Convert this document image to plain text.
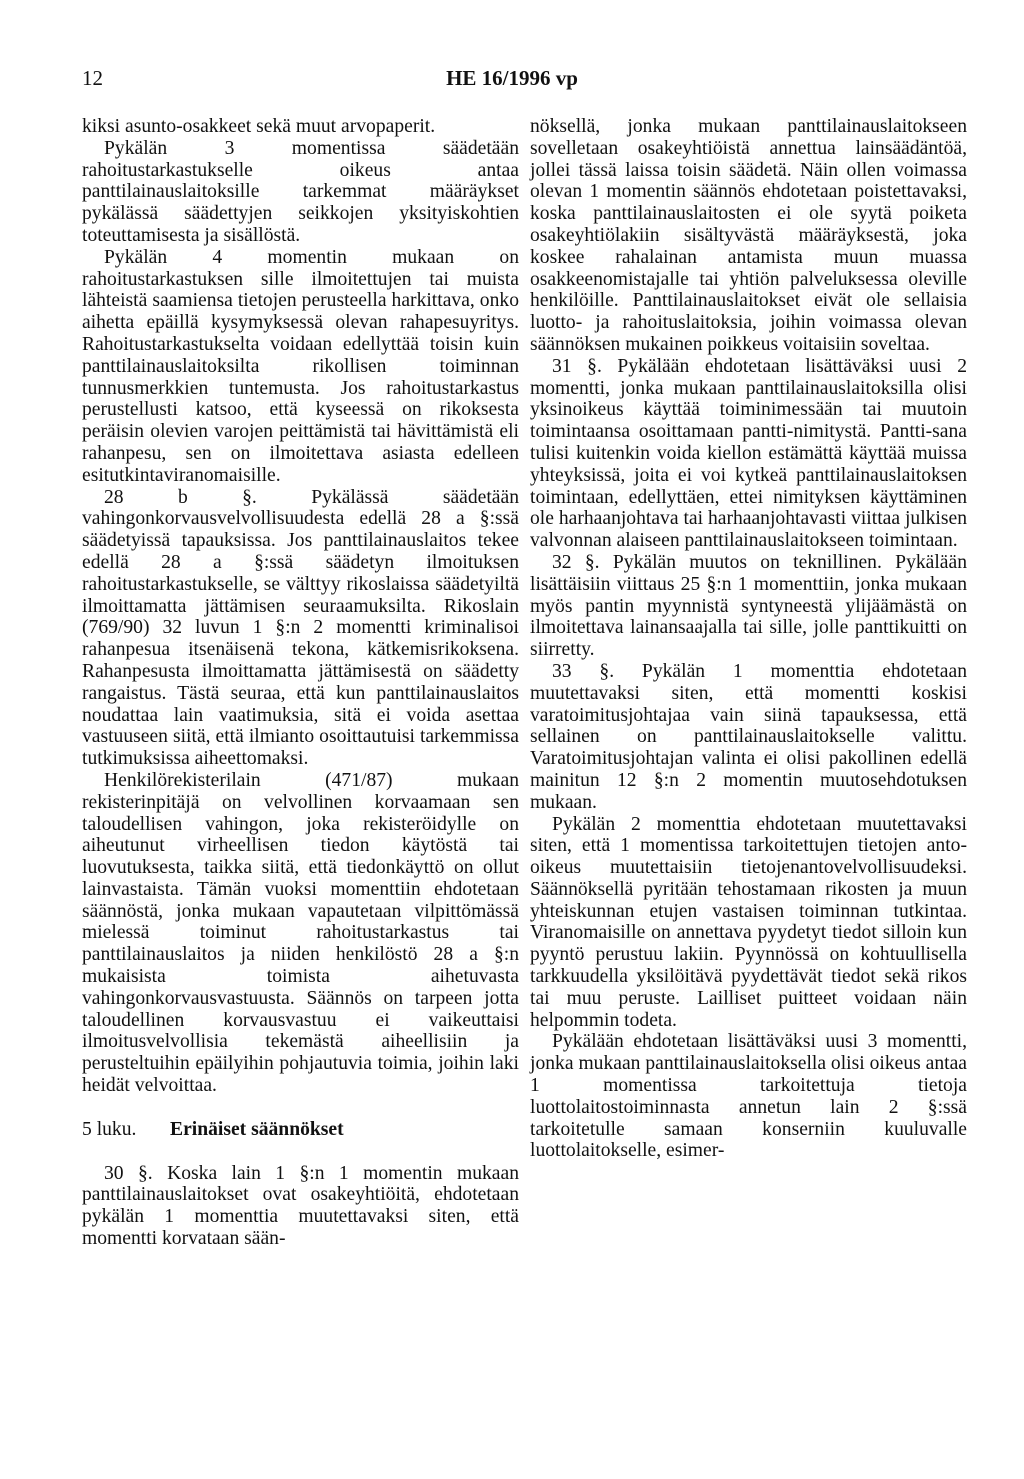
12	HE 16/1996 vp

kiksi asunto-osakkeet sekä muut arvopaperit.

Pykälän 3 momentissa säädetään rahoitustarkastukselle oikeus antaa panttilainauslaitoksille tarkemmat määräykset pykälässä säädettyjen seikkojen yksityiskohtien toteuttamisesta ja sisällöstä.

Pykälän 4 momentin mukaan on rahoitustarkastuksen sille ilmoitettujen tai muista lähteistä saamiensa tietojen perusteella harkittava, onko aihetta epäillä kysymyksessä olevan rahapesuyritys. Rahoitustarkastukselta voidaan edellyttää toisin kuin panttilainauslaitoksilta rikollisen toiminnan tunnusmerkkien tuntemusta. Jos rahoitustarkastus perustellusti katsoo, että kyseessä on rikoksesta peräisin olevien varojen peittämistä tai hävittämistä eli rahanpesu, sen on ilmoitettava asiasta edelleen esitutkintaviranomaisille.

28 b §. Pykälässä säädetään vahingonkorvausvelvollisuudesta edellä 28 a §:ssä säädetyissä tapauksissa. Jos panttilainauslaitos tekee edellä 28 a §:ssä säädetyn ilmoituksen rahoitustarkastukselle, se välttyy rikoslaissa säädetyiltä ilmoittamatta jättämisen seuraamuksilta. Rikoslain (769/90) 32 luvun 1 §:n 2 momentti kriminalisoi rahanpesua itsenäisenä tekona, kätkemisrikoksena. Rahanpesusta ilmoittamatta jättämisestä on säädetty rangaistus. Tästä seuraa, että kun panttilainauslaitos noudattaa lain vaatimuksia, sitä ei voida asettaa vastuuseen siitä, että ilmianto osoittautuisi tarkemmissa tutkimuksissa aiheettomaksi.

Henkilörekisterilain (471/87) mukaan rekisterinpitäjä on velvollinen korvaamaan sen taloudellisen vahingon, joka rekisteröidylle on aiheutunut virheellisen tiedon käytöstä tai luovutuksesta, taikka siitä, että tiedonkäyttö on ollut lainvastaista. Tämän vuoksi momenttiin ehdotetaan säännöstä, jonka mukaan vapautetaan vilpittömässä mielessä toiminut rahoitustarkastus tai panttilainauslaitos ja niiden henkilöstö 28 a §:n mukaisista toimista aihetuvasta vahingonkorvausvastuusta. Säännös on tarpeen jotta taloudellinen korvausvastuu ei vaikeuttaisi ilmoitusvelvollisia tekemästä aiheellisiin ja perusteltuihin epäilyihin pohjautuvia toimia, joihin laki heidät velvoittaa.

5 luku. Erinäiset säännökset

30 §. Koska lain 1 §:n 1 momentin mukaan panttilainauslaitokset ovat osakeyhtiöitä, ehdotetaan pykälän 1 momenttia muutettavaksi siten, että momentti korvataan sään-

nöksellä, jonka mukaan panttilainauslaitokseen sovelletaan osakeyhtiöistä annettua lainsäädäntöä, jollei tässä laissa toisin säädetä. Näin ollen voimassa olevan 1 momentin säännös ehdotetaan poistettavaksi, koska panttilainauslaitosten ei ole syytä poiketa osakeyhtiölakiin sisältyvästä määräyksestä, joka koskee rahalainan antamista muun muassa osakkeenomistajalle tai yhtiön palveluksessa oleville henkilöille. Panttilainauslaitokset eivät ole sellaisia luotto- ja rahoituslaitoksia, joihin voimassa olevan säännöksen mukainen poikkeus voitaisiin soveltaa.

31 §. Pykälään ehdotetaan lisättäväksi uusi 2 momentti, jonka mukaan panttilainauslaitoksilla olisi yksinoikeus käyttää toiminimessään tai muutoin toimintaansa osoittamaan pantti-nimitystä. Pantti-sana tulisi kuitenkin voida kiellon estämättä käyttää muissa yhteyksissä, joita ei voi kytkeä panttilainauslaitoksen toimintaan, edellyttäen, ettei nimityksen käyttäminen ole harhaanjohtava tai harhaanjohtavasti viittaa julkisen valvonnan alaiseen panttilainauslaitokseen toimintaan.

32 §. Pykälän muutos on teknillinen. Pykälään lisättäisiin viittaus 25 §:n 1 momenttiin, jonka mukaan myös pantin myynnistä syntyneestä ylijäämästä on ilmoitettava lainansaajalla tai sille, jolle panttikuitti on siirretty.

33 §. Pykälän 1 momenttia ehdotetaan muutettavaksi siten, että momentti koskisi varatoimitusjohtajaa vain siinä tapauksessa, että sellainen on panttilainauslaitokselle valittu. Varatoimitusjohtajan valinta ei olisi pakollinen edellä mainitun 12 §:n 2 momentin muutosehdotuksen mukaan.

Pykälän 2 momenttia ehdotetaan muutettavaksi siten, että 1 momentissa tarkoitettujen tietojen anto-oikeus muutettaisiin tietojenantovelvollisuudeksi. Säännöksellä pyritään tehostamaan rikosten ja muun yhteiskunnan etujen vastaisen toiminnan tutkintaa. Viranomaisille on annettava pyydetyt tiedot silloin kun pyyntö perustuu lakiin. Pyynnössä on kohtuullisella tarkkuudella yksilöitävä pyydettävät tiedot sekä rikos tai muu peruste. Lailliset puitteet voidaan näin helpommin todeta.

Pykälään ehdotetaan lisättäväksi uusi 3 momentti, jonka mukaan panttilainauslaitoksella olisi oikeus antaa 1 momentissa tarkoitettuja tietoja luottolaitostoiminnasta annetun lain 2 §:ssä tarkoitetulle samaan konserniin kuuluvalle luottolaitokselle, esimer-
